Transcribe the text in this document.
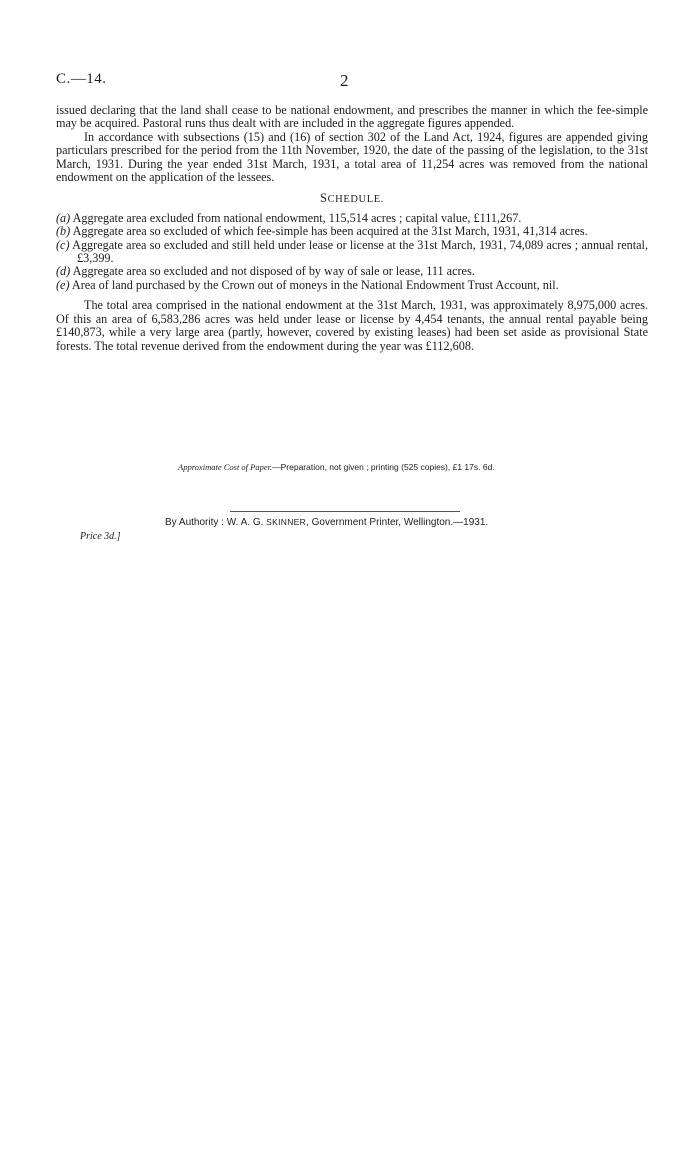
C.—14.	2

issued declaring that the land shall cease to be national endowment, and prescribes the manner in which the fee-simple may be acquired. Pastoral runs thus dealt with are included in the aggregate figures appended.

In accordance with subsections (15) and (16) of section 302 of the Land Act, 1924, figures are appended giving particulars prescribed for the period from the 11th November, 1920, the date of the passing of the legislation, to the 31st March, 1931. During the year ended 31st March, 1931, a total area of 11,254 acres was removed from the national endowment on the application of the lessees.

SCHEDULE.
(a) Aggregate area excluded from national endowment, 115,514 acres ; capital value, £111,267.
(b) Aggregate area so excluded of which fee-simple has been acquired at the 31st March, 1931, 41,314 acres.
(c) Aggregate area so excluded and still held under lease or license at the 31st March, 1931, 74,089 acres ; annual rental, £3,399.
(d) Aggregate area so excluded and not disposed of by way of sale or lease, 111 acres.
(e) Area of land purchased by the Crown out of moneys in the National Endowment Trust Account, nil.

The total area comprised in the national endowment at the 31st March, 1931, was approximately 8,975,000 acres. Of this an area of 6,583,286 acres was held under lease or license by 4,454 tenants, the annual rental payable being £140,873, while a very large area (partly, however, covered by existing leases) had been set aside as provisional State forests. The total revenue derived from the endowment during the year was £112,608.

Approximate Cost of Paper.—Preparation, not given ; printing (525 copies), £1 17s. 6d.
By Authority : W. A. G. SKINNER, Government Printer, Wellington.—1931.
Price 3d.]
